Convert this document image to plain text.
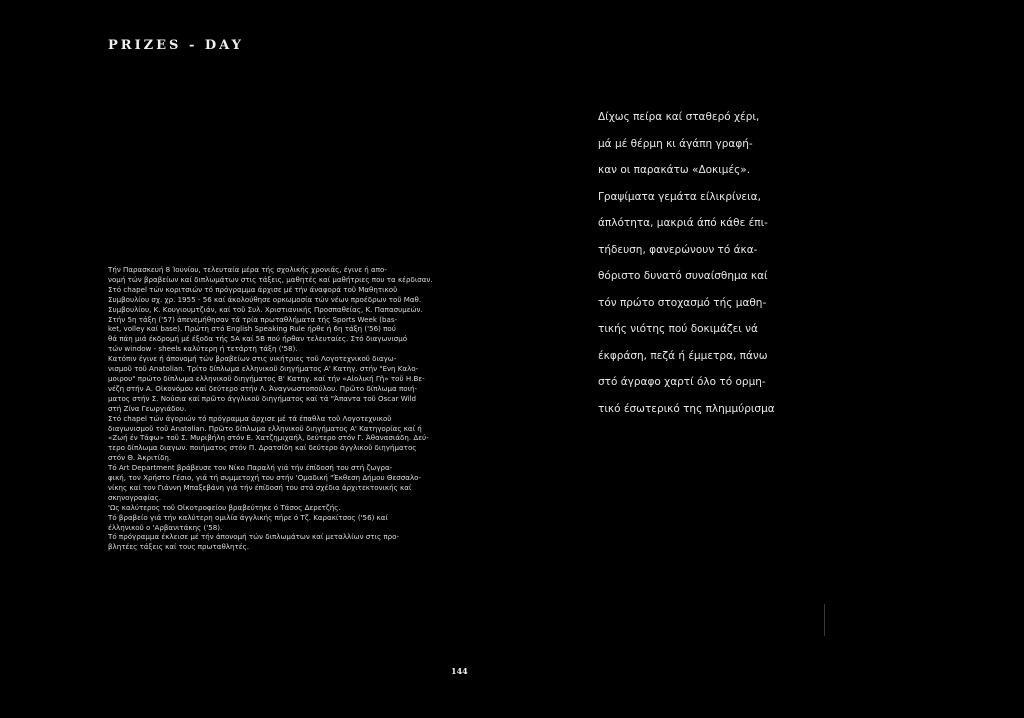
PRIZES - DAY
Δίχως πείρα καί σταθερό χέρι,
μά μέ θέρμη κι άγάπη γραφή-
καν οι παρακάτω «Δοκιμές».
Γραψίματα γεμάτα είλικρίνεια,
άπλότητα, μακριά άπό κάθε έπι-
τήδευση, φανερώνουν τό άκα-
θόριστο δυνατό συναίσθημα καί
τόν πρώτο στοχασμό τής μαθη-
τικής νιότης πού δοκιμάζει νά
έκφράση, πεζά ή έμμετρα, πάνω
στό άγραφο χαρτί όλο τό ορμη-
τικό έσωτερικό της πλημμύρισμα
Τήν Παρασκευή 8 Ίουνίου, τελευταία μέρα τής σχολικής χρονιάς, έγινε ή απο-
νομή τών βραβείων καί διπλωμάτων στις τάξεις, μαθητές καί μαθήτριες που τα κέρδισαν.
Στό chapel τών κοριτσιών τό πρόγραμμα άρχισε μέ τήν άναφορά τοῦ Μαθητικοῦ
Συμβουλίου σχ. χρ. 1955 - 56 καί άκολούθησε ορκωμοσία τών νέων προέδρων τοῦ Μαθ.
Συμβουλίου, Κ. Κουγιουμτζιάν, καί τοῦ Συλ. Χριστιανικής Προσπαθείας, Κ. Παπασυμεών.
Στήν 5η τάξη ('57) άπενεμήθησαν τά τρία πρωταθλήματα τής Sports Week (bas-
ket, volley καί base). Πρώτη στό English Speaking Rule ήρθε ή 6η τάξη ('56) πού
θά πάη μιά έκδρομή μέ έξοδα τής 5Α καί 5Β πού ήρθαν τελευταίες. Στό διαγωνισμό
τών window - sheels καλύτερη ή τετάρτη τάξη ('58).
Κατόπιν έγινε ή άπονομή τών βραβείων στις νικήτριες τοῦ Λογοτεχνικοῦ διαγω-
νισμοῦ τοῦ Anatolian. Τρίτο δίπλωμα ελληνικοῦ διηγήματος Α' Κατηγ. στήν "Ενη Καλο-
μοιρου" πρώτο δίπλωμα ελληνικοῦ διηγήματος Β' Κατηγ. καί τήν «Αἰολική Γῆ» τοῦ Η.Βε-
νέζη στήν Α. Οἰκονόμου καί δεύτερο στήν Λ. Άναγνωστοπούλου. Πρῶτο δίπλωμα ποιή-
ματος στήν Σ. Νούσια καί πρῶτο άγγλικοῦ διηγήματος καί τά "Άπαντα τοῦ Oscar Wild
στή Ζίνα Γεωργιάδου.
Στό chapel τών άγοριών τό πρόγραμμα άρχισε μέ τά έπαθλα τοῦ Λογοτεχνικοῦ
διαγωνισμοῦ τοῦ Anatolian. Πρῶτο δίπλωμα ελληνικοῦ διηγήματος Α' Κατηγορίας καί ή
«Ζωή έν Τάφω» τοῦ Σ. Μυριβήλη στόν Ε. Χατζημιχαήλ, δεύτερο στόν Γ. Άθανασιάδη. Δεύ-
τερο δίπλωμα διαγων. ποιήματος στόν Π. Δρατσίδη καί δεύτερο άγγλικοῦ διηγήματος
στόν Θ. Άκριτίδη.
Τό Art Department βράβευσε τον Νίκο Παραλή γιά τήν έπίδοσή του στή ζωγρα-
φική, τον Χρήστο Γέσιο, γιά τή συμμετοχή του στήν 'Ομαδική "Έκθεση Δήμου Θεσσαλο-
νίκης καί τον Γιάννη Μπαξεβάνη γιά τήν έπίδοσή του στά σχέδια άρχιτεκτονικής καί
σκηνογραφίας.
'Ως καλύτερος τοῦ Οἰκοτροφείου βραβεύτηκε ό Τάσος Δερετζής.
Τό βραβείο γιά τήν καλύτερη ομιλία άγγλικής πήρε ό Τζ. Καρακίτσος ('56) καί
έλληνικοῦ ο 'Αρβανιτάκης ('58).
Τό πρόγραμμα έκλεισε μέ τήν άπονομή τών διπλωμάτων καί μεταλλίων στις προ-
βλητέες τάξεις καί τους πρωταθλητές.
144
